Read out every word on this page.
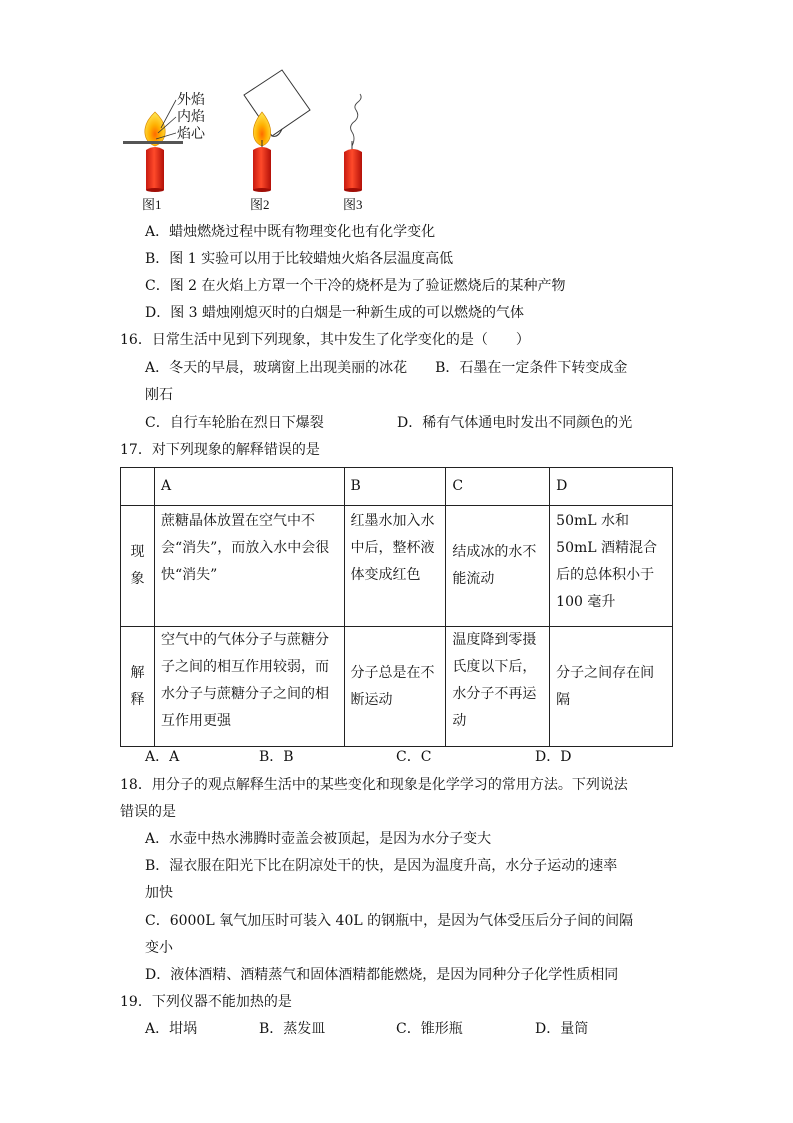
外焰
内焰
焰心
图1	图2	图3
A．蜡烛燃烧过程中既有物理变化也有化学变化
B．图 1 实验可以用于比较蜡烛火焰各层温度高低
C．图 2 在火焰上方罩一个干冷的烧杯是为了验证燃烧后的某种产物
D．图 3 蜡烛刚熄灭时的白烟是一种新生成的可以燃烧的气体
16．日常生活中见到下列现象，其中发生了化学变化的是（　　）
A．冬天的早晨，玻璃窗上出现美丽的冰花　　B．石墨在一定条件下转变成金
刚石
C．自行车轮胎在烈日下爆裂	D．稀有气体通电时发出不同颜色的光
17．对下列现象的解释错误的是
	A	B	C	D
现象	蔗糖晶体放置在空气中不会“消失”，而放入水中会很快“消失”	红墨水加入水中后，整杯液体变成红色	结成冰的水不能流动	50mL 水和50mL 酒精混合后的总体积小于 100 毫升
解释	空气中的气体分子与蔗糖分子之间的相互作用较弱，而水分子与蔗糖分子之间的相互作用更强	分子总是在不断运动	温度降到零摄氏度以下后，水分子不再运动	分子之间存在间隔
A．A	B．B	C．C	D．D
18．用分子的观点解释生活中的某些变化和现象是化学学习的常用方法。下列说法
错误的是
A．水壶中热水沸腾时壶盖会被顶起，是因为水分子变大
B．湿衣服在阳光下比在阴凉处干的快，是因为温度升高，水分子运动的速率
加快
C．6000L 氧气加压时可装入 40L 的钢瓶中，是因为气体受压后分子间的间隔
变小
D．液体酒精、酒精蒸气和固体酒精都能燃烧，是因为同种分子化学性质相同
19．下列仪器不能加热的是
A．坩埚	B．蒸发皿	C．锥形瓶	D．量筒
